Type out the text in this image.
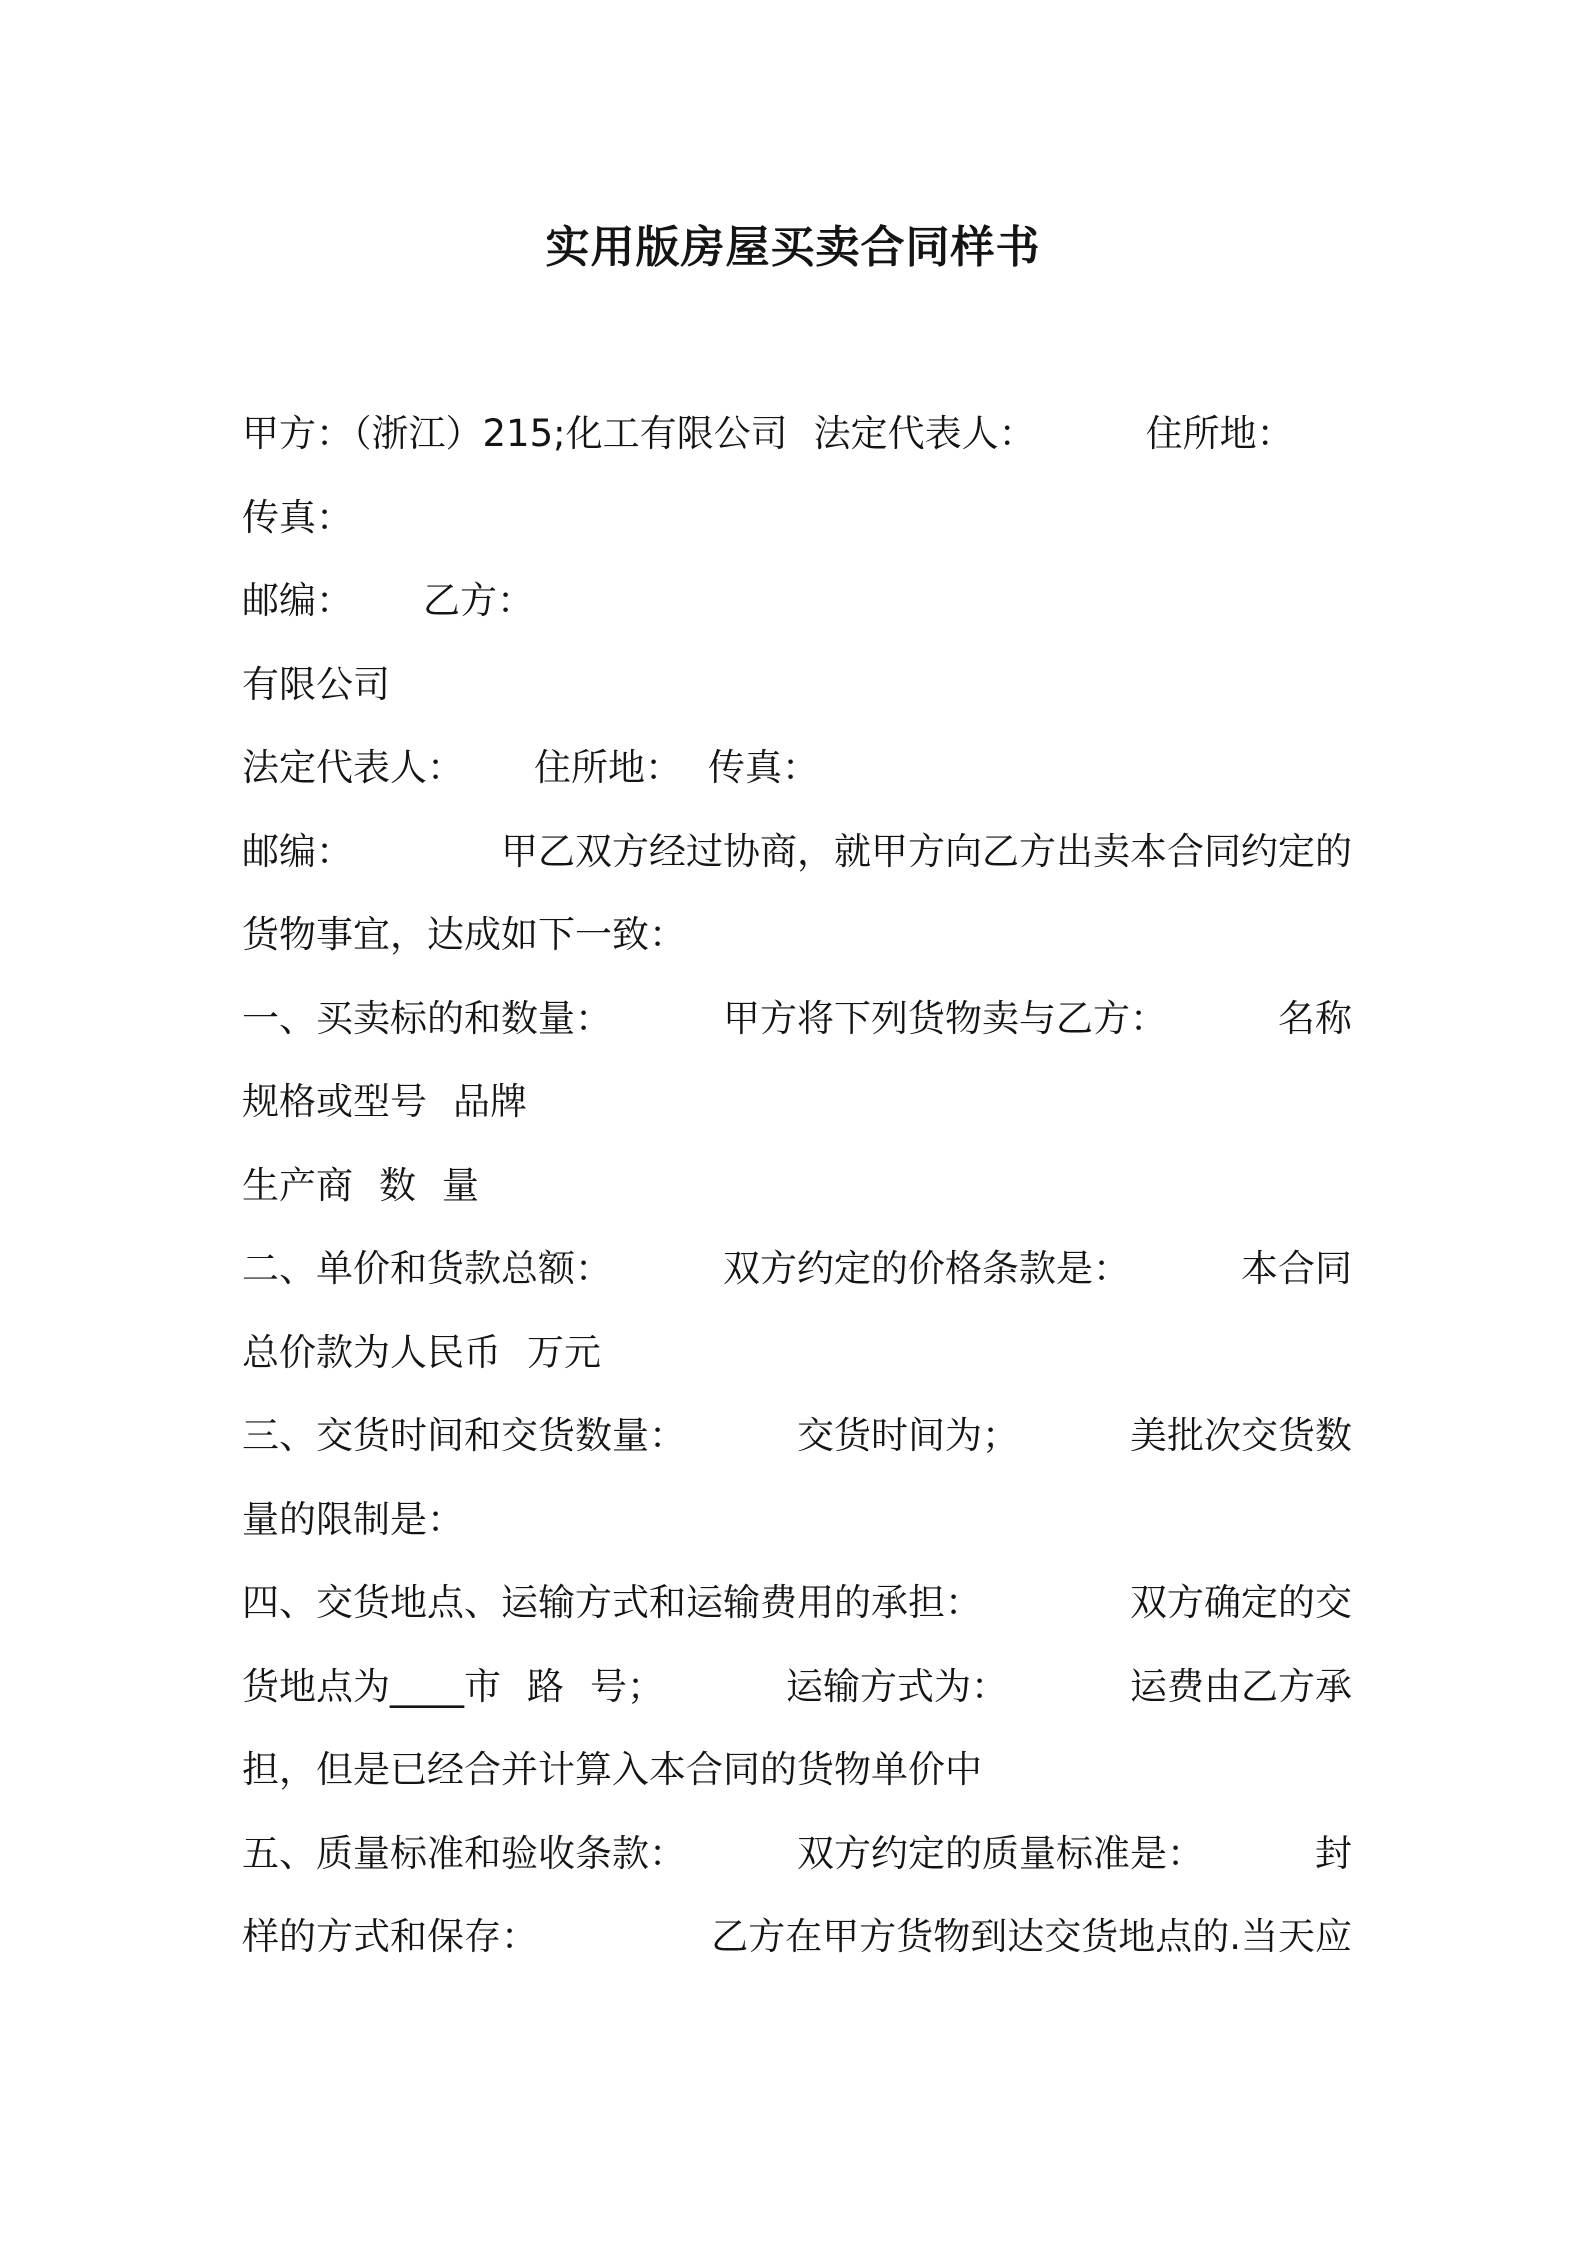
实用版房屋买卖合同样书
甲方：（浙江）215;化工有限公司 法定代表人：	住所地：
传真：
邮编： 乙方：
有限公司
法定代表人： 住所地： 传真：
邮编：	甲乙双方经过协商，就甲方向乙方出卖本合同约定的
货物事宜，达成如下一致：
一、买卖标的和数量：	甲方将下列货物卖与乙方：	名称
规格或型号 品牌
生产商 数 量
二、单价和货款总额：	双方约定的价格条款是：	本合同
总价款为人民币 万元
三、交货时间和交货数量：	交货时间为；	美批次交货数
量的限制是：
四、交货地点、运输方式和运输费用的承担：	双方确定的交
货地点为____市 路 号；	运输方式为：	运费由乙方承
担，但是已经合并计算入本合同的货物单价中
五、质量标准和验收条款：	双方约定的质量标准是：	封
样的方式和保存：	乙方在甲方货物到达交货地点的.当天应
